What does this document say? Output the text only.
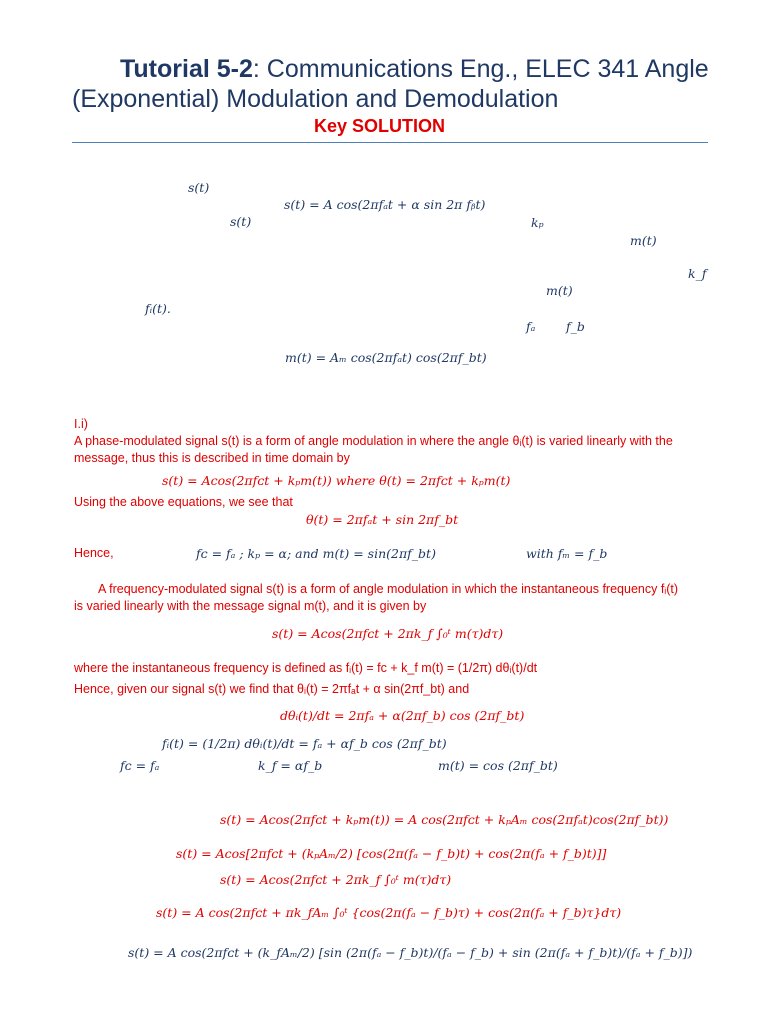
Tutorial 5-2: Communications Eng., ELEC 341 Angle
(Exponential) Modulation and Demodulation
Key SOLUTION
s(t)
s(t) = A cos(2πfₐt + α sin 2π fᵦt)
s(t)	kₚ
m(t)
k_f
m(t)
fᵢ(t).
fₐ f_b
m(t) = Aₘ cos(2πfₐt) cos(2πf_bt)
I.i)
A phase-modulated signal s(t) is a form of angle modulation in where the angle θᵢ(t) is varied linearly with the
message, thus this is described in time domain by
s(t) = Acos(2πfᴄt + kₚm(t)) where θ(t) = 2πfᴄt + kₚm(t)
Using the above equations, we see that
θ(t) = 2πfₐt + sin 2πf_bt
Hence,	fᴄ = fₐ ; kₚ = α; and m(t) = sin(2πf_bt)	with fₘ = f_b
A frequency-modulated signal s(t) is a form of angle modulation in which the instantaneous frequency fᵢ(t)
is varied linearly with the message signal m(t), and it is given by
s(t) = Acos(2πfᴄt + 2πk_f ∫₀ᵗ m(τ)dτ)
where the instantaneous frequency is defined as fᵢ(t) = fᴄ + k_f m(t) = (1/2π) dθᵢ(t)/dt
Hence, given our signal s(t) we find that θᵢ(t) = 2πfₐt + α sin(2πf_bt) and
dθᵢ(t)/dt = 2πfₐ + α(2πf_b) cos (2πf_bt)
fᵢ(t) = (1/2π) dθᵢ(t)/dt = fₐ + αf_b cos (2πf_bt)
fᴄ = fₐ	k_f = αf_b	m(t) = cos (2πf_bt)
s(t) = Acos(2πfᴄt + kₚm(t)) = A cos(2πfᴄt + kₚAₘ cos(2πfₐt)cos(2πf_bt))
s(t) = Acos[2πfᴄt + (kₚAₘ/2) [cos(2π(fₐ − f_b)t) + cos(2π(fₐ + f_b)t)]]
s(t) = Acos(2πfᴄt + 2πk_f ∫₀ᵗ m(τ)dτ)
s(t) = A cos(2πfᴄt + πk_fAₘ ∫₀ᵗ {cos(2π(fₐ − f_b)τ) + cos(2π(fₐ + f_b)τ}dτ)
s(t) = A cos(2πfᴄt + (k_fAₘ/2) [sin (2π(fₐ − f_b)t)/(fₐ − f_b) + sin (2π(fₐ + f_b)t)/(fₐ + f_b)])
